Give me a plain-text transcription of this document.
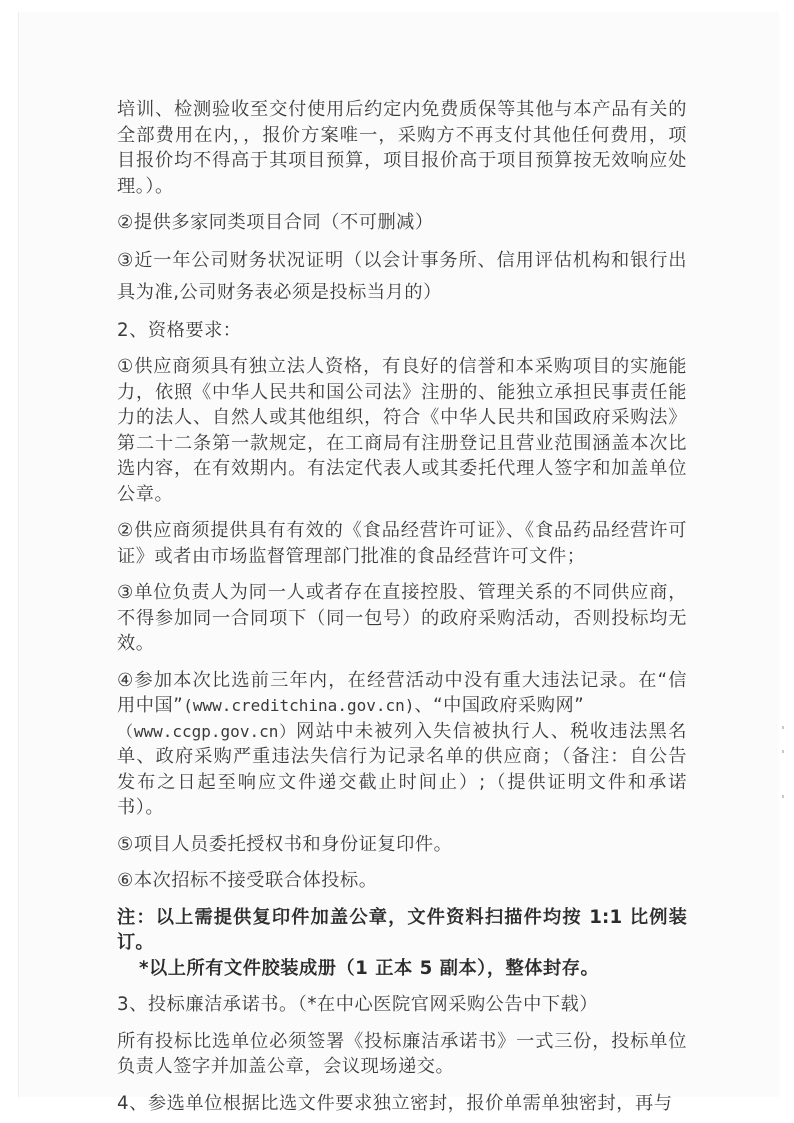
培训、检测验收至交付使用后约定内免费质保等其他与本产品有关的全部费用在内，，报价方案唯一，采购方不再支付其他任何费用，项目报价均不得高于其项目预算，项目报价高于项目预算按无效响应处理。）。

②提供多家同类项目合同（不可删减）

③近一年公司财务状况证明（以会计事务所、信用评估机构和银行出具为准,公司财务表必须是投标当月的）

2、资格要求：

①供应商须具有独立法人资格，有良好的信誉和本采购项目的实施能力，依照《中华人民共和国公司法》注册的、能独立承担民事责任能力的法人、自然人或其他组织，符合《中华人民共和国政府采购法》第二十二条第一款规定，在工商局有注册登记且营业范围涵盖本次比选内容，在有效期内。有法定代表人或其委托代理人签字和加盖单位公章。

②供应商须提供具有有效的《食品经营许可证》、《食品药品经营许可证》或者由市场监督管理部门批准的食品经营许可文件；

③单位负责人为同一人或者存在直接控股、管理关系的不同供应商，不得参加同一合同项下（同一包号）的政府采购活动，否则投标均无效。

④参加本次比选前三年内，在经营活动中没有重大违法记录。在“信用中国”(www.creditchina.gov.cn)、“中国政府采购网”
（www.ccgp.gov.cn）网站中未被列入失信被执行人、税收违法黑名单、政府采购严重违法失信行为记录名单的供应商；（备注：自公告发布之日起至响应文件递交截止时间止）;（提供证明文件和承诺书）。

⑤项目人员委托授权书和身份证复印件。

⑥本次招标不接受联合体投标。

注：以上需提供复印件加盖公章，文件资料扫描件均按 1:1 比例装订。

*以上所有文件胶装成册（1 正本 5 副本），整体封存。

3、投标廉洁承诺书。（*在中心医院官网采购公告中下载）

所有投标比选单位必须签署《投标廉洁承诺书》一式三份，投标单位负责人签字并加盖公章，会议现场递交。

4、参选单位根据比选文件要求独立密封，报价单需单独密封，再与
